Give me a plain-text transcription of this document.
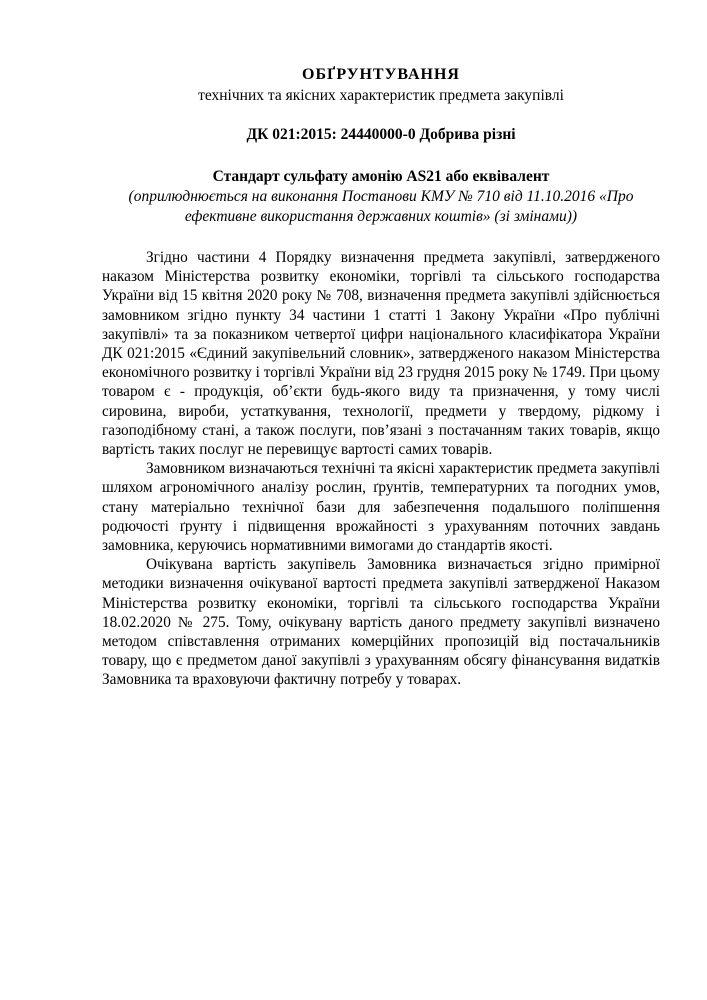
ОБҐРУНТУВАННЯ

технічних та якісних характеристик предмета закупівлі

ДК 021:2015: 24440000-0 Добрива різні

Стандарт сульфату амонію AS21 або еквівалент

(оприлюднюється на виконання Постанови КМУ № 710 від 11.10.2016 «Про ефективне використання державних коштів» (зі змінами))

Згідно частини 4 Порядку визначення предмета закупівлі, затвердженого наказом Міністерства розвитку економіки, торгівлі та сільського господарства України від 15 квітня 2020 року № 708, визначення предмета закупівлі здійснюється замовником згідно пункту 34 частини 1 статті 1 Закону України «Про публічні закупівлі» та за показником четвертої цифри національного класифікатора України ДК 021:2015 «Єдиний закупівельний словник», затвердженого наказом Міністерства економічного розвитку і торгівлі України від 23 грудня 2015 року № 1749. При цьому товаром є - продукція, об’єкти будь-якого виду та призначення, у тому числі сировина, вироби, устаткування, технології, предмети у твердому, рідкому і газоподібному стані, а також послуги, пов’язані з постачанням таких товарів, якщо вартість таких послуг не перевищує вартості самих товарів.

Замовником визначаються технічні та якісні характеристик предмета закупівлі шляхом агрономічного аналізу рослин, ґрунтів, температурних та погодних умов, стану матеріально технічної бази для забезпечення подальшого поліпшення родючості ґрунту і підвищення врожайності з урахуванням поточних завдань замовника, керуючись нормативними вимогами до стандартів якості.

Очікувана вартість закупівель Замовника визначається згідно примірної методики визначення очікуваної вартості предмета закупівлі затвердженої Наказом Міністерства розвитку економіки, торгівлі та сільського господарства України 18.02.2020 № 275. Тому, очікувану вартість даного предмету закупівлі визначено методом співставлення отриманих комерційних пропозицій від постачальників товару, що є предметом даної закупівлі з урахуванням обсягу фінансування видатків Замовника та враховуючи фактичну потребу у товарах.
